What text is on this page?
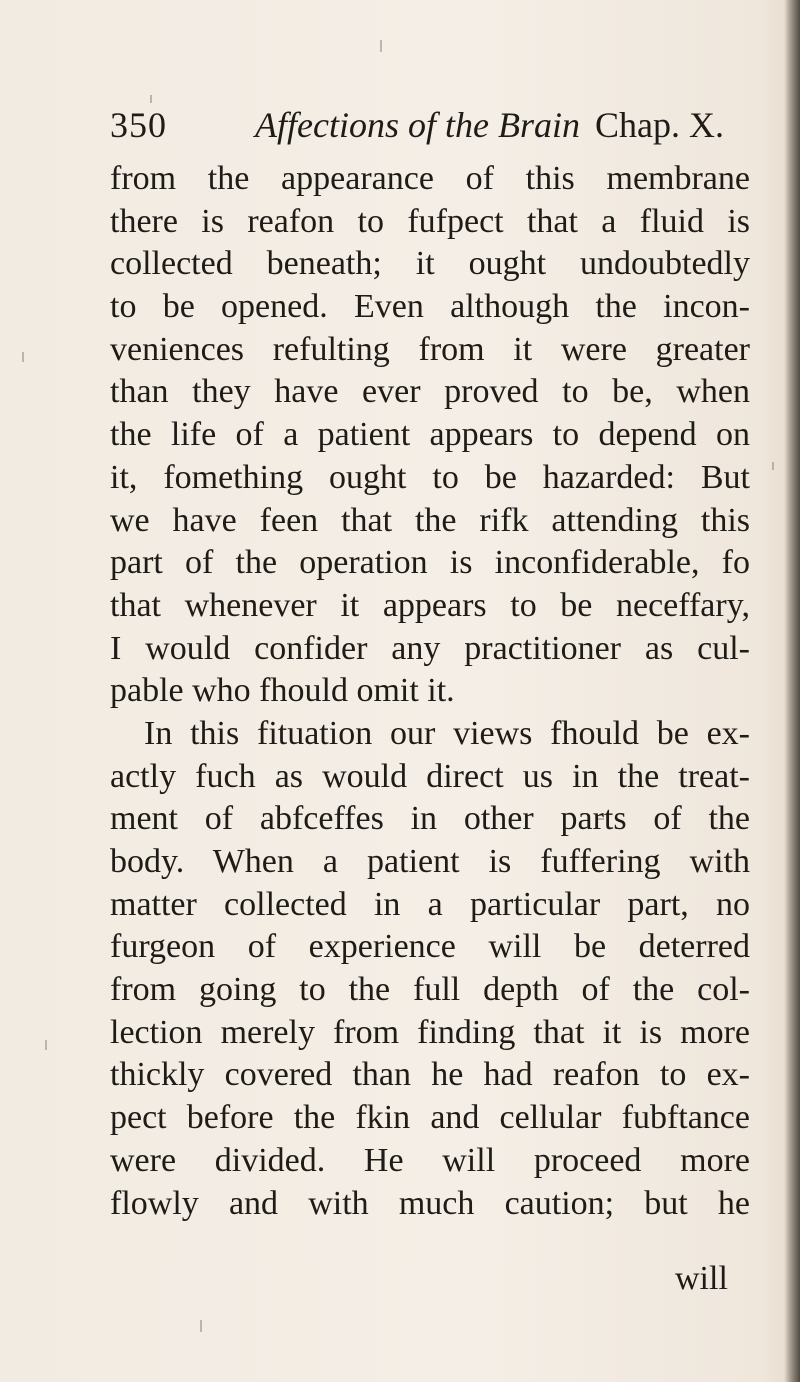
350 Affections of the Brain Chap. X.
from the appearance of this membrane
there is reafon to fufpect that a fluid is
collected beneath; it ought undoubtedly
to be opened. Even although the incon-
veniences refulting from it were greater
than they have ever proved to be, when
the life of a patient appears to depend on
it, fomething ought to be hazarded: But
we have feen that the rifk attending this
part of the operation is inconfiderable, fo
that whenever it appears to be neceffary,
I would confider any practitioner as cul-
pable who fhould omit it.
In this fituation our views fhould be ex-
actly fuch as would direct us in the treat-
ment of abfceffes in other parts of the
body. When a patient is fuffering with
matter collected in a particular part, no
furgeon of experience will be deterred
from going to the full depth of the col-
lection merely from finding that it is more
thickly covered than he had reafon to ex-
pect before the fkin and cellular fubftance
were divided. He will proceed more
flowly and with much caution; but he
will
